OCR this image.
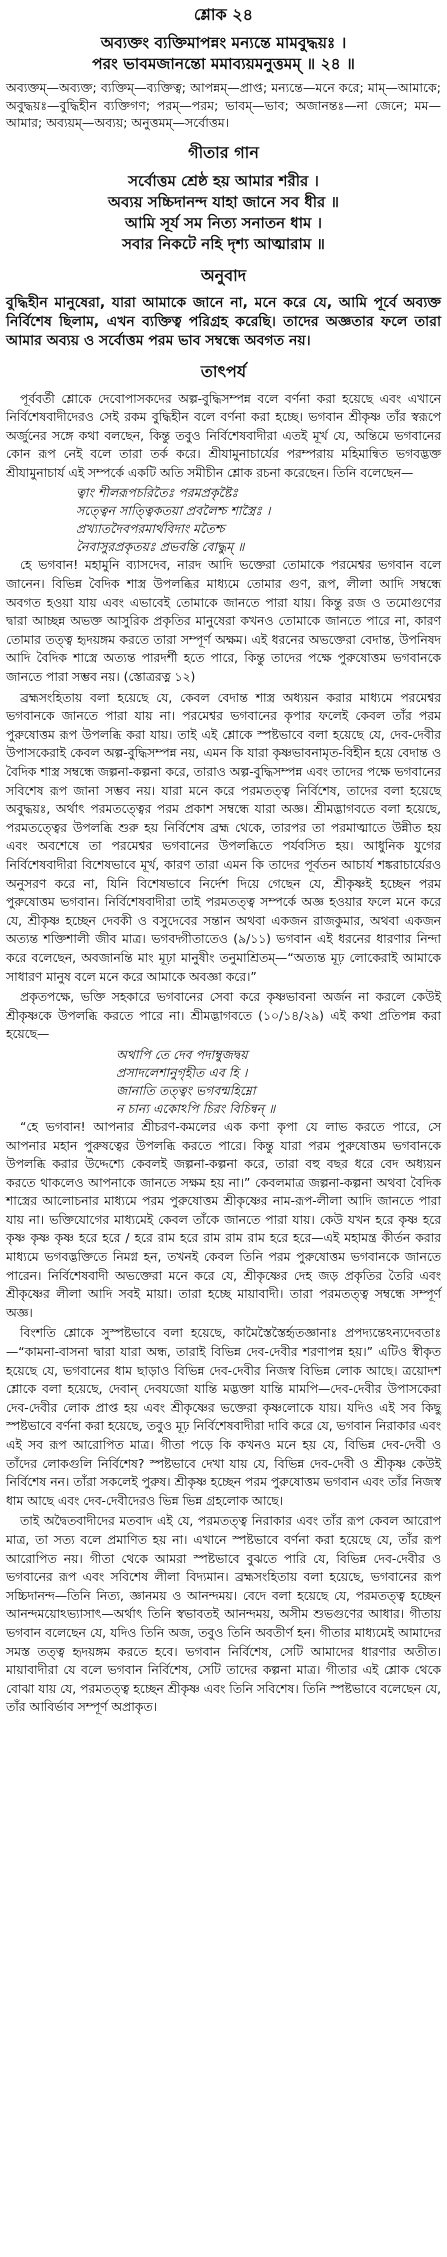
শ্লোক ২৪
অব্যক্তং ব্যক্তিমাপন্নং মন্যন্তে মামবুদ্ধয়ঃ ।
পরং ভাবমজানন্তো মমাব্যয়মনুত্তমম্ ॥ ২৪ ॥
অব্যক্তম্—অব্যক্ত; ব্যক্তিম্—ব্যক্তিত্ব; আপন্নম্—প্রাপ্ত; মন্যন্তে—মনে করে; মাম্—আমাকে; অবুদ্ধয়ঃ—বুদ্ধিহীন ব্যক্তিগণ; পরম্—পরম; ভাবম্—ভাব; অজানন্তঃ—না জেনে; মম—আমার; অব্যয়ম্—অব্যয়; অনুত্তমম্—সর্বোত্তম।
গীতার গান
সর্বোত্তম শ্রেষ্ঠ হয় আমার শরীর ।
অব্যয় সচ্চিদানন্দ যাহা জানে সব ধীর ॥
আমি সূর্য সম নিত্য সনাতন ধাম ।
সবার নিকটে নহি দৃশ্য আত্মারাম ॥
অনুবাদ
বুদ্ধিহীন মানুষেরা, যারা আমাকে জানে না, মনে করে যে, আমি পূর্বে অব্যক্ত নির্বিশেষ ছিলাম, এখন ব্যক্তিত্ব পরিগ্রহ করেছি। তাদের অজ্ঞতার ফলে তারা আমার অব্যয় ও সর্বোত্তম পরম ভাব সম্বন্ধে অবগত নয়।
তাৎপর্য

পূর্ববর্তী শ্লোকে দেবোপাসকদের অল্প-বুদ্ধিসম্পন্ন বলে বর্ণনা করা হয়েছে এবং এখানে নির্বিশেষবাদীদেরও সেই রকম বুদ্ধিহীন বলে বর্ণনা করা হচ্ছে। ভগবান শ্রীকৃষ্ণ তাঁর স্বরূপে অর্জুনের সঙ্গে কথা বলছেন, কিন্তু তবুও নির্বিশেষবাদীরা এতই মূর্খ যে, অন্তিমে ভগবানের কোন রূপ নেই বলে তারা তর্ক করে। শ্রীযামুনাচার্যের পরম্পরায় মহিমান্বিত ভগবদ্ভক্ত শ্রীযামুনাচার্য এই সম্পর্কে একটি অতি সমীচীন শ্লোক রচনা করেছেন। তিনি বলেছেন—

ত্বাং শীলরূপচরিতৈঃ পরমপ্রকৃষ্টৈঃ
সত্ত্বেন সাত্ত্বিকতয়া প্রবলৈশ্চ শাস্ত্রৈঃ ।
প্রখ্যাতদৈবপরমার্থবিদাং মতৈশ্চ
নৈবাসুরপ্রকৃতয়ঃ প্রভবন্তি বোদ্ধুম্ ॥

হে ভগবান! মহামুনি ব্যাসদেব, নারদ আদি ভক্তেরা তোমাকে পরমেশ্বর ভগবান বলে জানেন। বিভিন্ন বৈদিক শাস্ত্র উপলব্ধির মাধ্যমে তোমার গুণ, রূপ, লীলা আদি সম্বন্ধে অবগত হওয়া যায় এবং এভাবেই তোমাকে জানতে পারা যায়। কিন্তু রজ ও তমোগুণের দ্বারা আচ্ছন্ন অভক্ত আসুরিক প্রকৃতির মানুষেরা কখনও তোমাকে জানতে পারে না, কারণ তোমার তত্ত্ব হৃদয়ঙ্গম করতে তারা সম্পূর্ণ অক্ষম। এই ধরনের অভক্তেরা বেদান্ত, উপনিষদ আদি বৈদিক শাস্ত্রে অত্যন্ত পারদর্শী হতে পারে, কিন্তু তাদের পক্ষে পুরুষোত্তম ভগবানকে জানতে পারা সম্ভব নয়। (স্তোত্ররত্ন ১২)

ব্রহ্মসংহিতায় বলা হয়েছে যে, কেবল বেদান্ত শাস্ত্র অধ্যয়ন করার মাধ্যমে পরমেশ্বর ভগবানকে জানতে পারা যায় না। পরমেশ্বর ভগবানের কৃপার ফলেই কেবল তাঁর পরম পুরুষোত্তম রূপ উপলব্ধি করা যায়। তাই এই শ্লোকে স্পষ্টভাবে বলা হয়েছে যে, দেব-দেবীর উপাসকেরাই কেবল অল্প-বুদ্ধিসম্পন্ন নয়, এমন কি যারা কৃষ্ণভাবনামৃত-বিহীন হয়ে বেদান্ত ও বৈদিক শাস্ত্র সম্বন্ধে জল্পনা-কল্পনা করে, তারাও অল্প-বুদ্ধিসম্পন্ন এবং তাদের পক্ষে ভগবানের সবিশেষ রূপ জানা সম্ভব নয়। যারা মনে করে পরমতত্ত্ব নির্বিশেষ, তাদের বলা হয়েছে অবুদ্ধয়ঃ, অর্থাৎ পরমতত্ত্বের পরম প্রকাশ সম্বন্ধে যারা অজ্ঞ। শ্রীমদ্ভাগবতে বলা হয়েছে, পরমতত্ত্বের উপলব্ধি শুরু হয় নির্বিশেষ ব্রহ্ম থেকে, তারপর তা পরমাত্মাতে উন্নীত হয় এবং অবশেষে তা পরমেশ্বর ভগবানের উপলব্ধিতে পর্যবসিত হয়। আধুনিক যুগের নির্বিশেষবাদীরা বিশেষভাবে মূর্খ, কারণ তারা এমন কি তাদের পূর্বতন আচার্য শঙ্করাচার্যেরও অনুসরণ করে না, যিনি বিশেষভাবে নির্দেশ দিয়ে গেছেন যে, শ্রীকৃষ্ণই হচ্ছেন পরম পুরুষোত্তম ভগবান। নির্বিশেষবাদীরা তাই পরমতত্ত্ব সম্পর্কে অজ্ঞ হওয়ার ফলে মনে করে যে, শ্রীকৃষ্ণ হচ্ছেন দেবকী ও বসুদেবের সন্তান অথবা একজন রাজকুমার, অথবা একজন অত্যন্ত শক্তিশালী জীব মাত্র। ভগবদ্গীতাতেও (৯/১১) ভগবান এই ধরনের ধারণার নিন্দা করে বলেছেন, অবজানন্তি মাং মূঢ়া মানুষীং তনুমাশ্রিতম্—“অত্যন্ত মূঢ় লোকেরাই আমাকে সাধারণ মানুষ বলে মনে করে আমাকে অবজ্ঞা করে।”

প্রকৃতপক্ষে, ভক্তি সহকারে ভগবানের সেবা করে কৃষ্ণভাবনা অর্জন না করলে কেউই শ্রীকৃষ্ণকে উপলব্ধি করতে পারে না। শ্রীমদ্ভাগবতে (১০/১৪/২৯) এই কথা প্রতিপন্ন করা হয়েছে—

অথাপি তে দেব পদাম্বুজদ্বয়
প্রসাদলেশানুগৃহীত এব হি ।
জানাতি তত্ত্বং ভগবন্মহিম্নো
ন চান্য একোঽপি চিরং বিচিন্বন্ ॥

“হে ভগবান! আপনার শ্রীচরণ-কমলের এক কণা কৃপা যে লাভ করতে পারে, সে আপনার মহান পুরুষত্বের উপলব্ধি করতে পারে। কিন্তু যারা পরম পুরুষোত্তম ভগবানকে উপলব্ধি করার উদ্দেশ্যে কেবলই জল্পনা-কল্পনা করে, তারা বহু বছর ধরে বেদ অধ্যয়ন করতে থাকলেও আপনাকে জানতে সক্ষম হয় না।” কেবলমাত্র জল্পনা-কল্পনা অথবা বৈদিক শাস্ত্রের আলোচনার মাধ্যমে পরম পুরুষোত্তম শ্রীকৃষ্ণের নাম-রূপ-লীলা আদি জানতে পারা যায় না। ভক্তিযোগের মাধ্যমেই কেবল তাঁকে জানতে পারা যায়। কেউ যখন হরে কৃষ্ণ হরে কৃষ্ণ কৃষ্ণ কৃষ্ণ হরে হরে / হরে রাম হরে রাম রাম রাম হরে হরে—এই মহামন্ত্র কীর্তন করার মাধ্যমে ভগবদ্ভক্তিতে নিমগ্ন হন, তখনই কেবল তিনি পরম পুরুষোত্তম ভগবানকে জানতে পারেন। নির্বিশেষবাদী অভক্তেরা মনে করে যে, শ্রীকৃষ্ণের দেহ জড় প্রকৃতির তৈরি এবং শ্রীকৃষ্ণের লীলা আদি সবই মায়া। তারা হচ্ছে মায়াবাদী। তারা পরমতত্ত্ব সম্বন্ধে সম্পূর্ণ অজ্ঞ।

বিংশতি শ্লোকে সুস্পষ্টভাবে বলা হয়েছে, কামৈস্তৈস্তৈর্হৃতজ্ঞানাঃ প্রপদ্যন্তেঽন্যদেবতাঃ—“কামনা-বাসনা দ্বারা যারা অন্ধ, তারাই বিভিন্ন দেব-দেবীর শরণাপন্ন হয়।” এটিও স্বীকৃত হয়েছে যে, ভগবানের ধাম ছাড়াও বিভিন্ন দেব-দেবীর নিজস্ব বিভিন্ন লোক আছে। ত্রয়োদশ শ্লোকে বলা হয়েছে, দেবান্ দেবযজো যান্তি মদ্ভক্তা যান্তি মামপি—দেব-দেবীর উপাসকেরা দেব-দেবীর লোক প্রাপ্ত হয় এবং শ্রীকৃষ্ণের ভক্তেরা কৃষ্ণলোকে যায়। যদিও এই সব কিছু স্পষ্টভাবে বর্ণনা করা হয়েছে, তবুও মূঢ় নির্বিশেষবাদীরা দাবি করে যে, ভগবান নিরাকার এবং এই সব রূপ আরোপিত মাত্র। গীতা পড়ে কি কখনও মনে হয় যে, বিভিন্ন দেব-দেবী ও তাঁদের লোকগুলি নির্বিশেষ? স্পষ্টভাবে দেখা যায় যে, বিভিন্ন দেব-দেবী ও শ্রীকৃষ্ণ কেউই নির্বিশেষ নন। তাঁরা সকলেই পুরুষ। শ্রীকৃষ্ণ হচ্ছেন পরম পুরুষোত্তম ভগবান এবং তাঁর নিজস্ব ধাম আছে এবং দেব-দেবীদেরও ভিন্ন ভিন্ন গ্রহলোক আছে।

তাই অদ্বৈতবাদীদের মতবাদ এই যে, পরমতত্ত্ব নিরাকার এবং তাঁর রূপ কেবল আরোপ মাত্র, তা সত্য বলে প্রমাণিত হয় না। এখানে স্পষ্টভাবে বর্ণনা করা হয়েছে যে, তাঁর রূপ আরোপিত নয়। গীতা থেকে আমরা স্পষ্টভাবে বুঝতে পারি যে, বিভিন্ন দেব-দেবীর ও ভগবানের রূপ এবং সবিশেষ লীলা বিদ্যমান। ব্রহ্মসংহিতায় বলা হয়েছে, ভগবানের রূপ সচ্চিদানন্দ—তিনি নিত্য, জ্ঞানময় ও আনন্দময়। বেদে বলা হয়েছে যে, পরমতত্ত্ব হচ্ছেন আনন্দময়োঽভ্যাসাৎ—অর্থাৎ তিনি স্বভাবতই আনন্দময়, অসীম শুভগুণের আধার। গীতায় ভগবান বলেছেন যে, যদিও তিনি অজ, তবুও তিনি অবতীর্ণ হন। গীতার মাধ্যমেই আমাদের সমস্ত তত্ত্ব হৃদয়ঙ্গম করতে হবে। ভগবান নির্বিশেষ, সেটি আমাদের ধারণার অতীত। মায়াবাদীরা যে বলে ভগবান নির্বিশেষ, সেটি তাদের কল্পনা মাত্র। গীতার এই শ্লোক থেকে বোঝা যায় যে, পরমতত্ত্ব হচ্ছেন শ্রীকৃষ্ণ এবং তিনি সবিশেষ। তিনি স্পষ্টভাবে বলেছেন যে, তাঁর আবির্ভাব সম্পূর্ণ অপ্রাকৃত।
